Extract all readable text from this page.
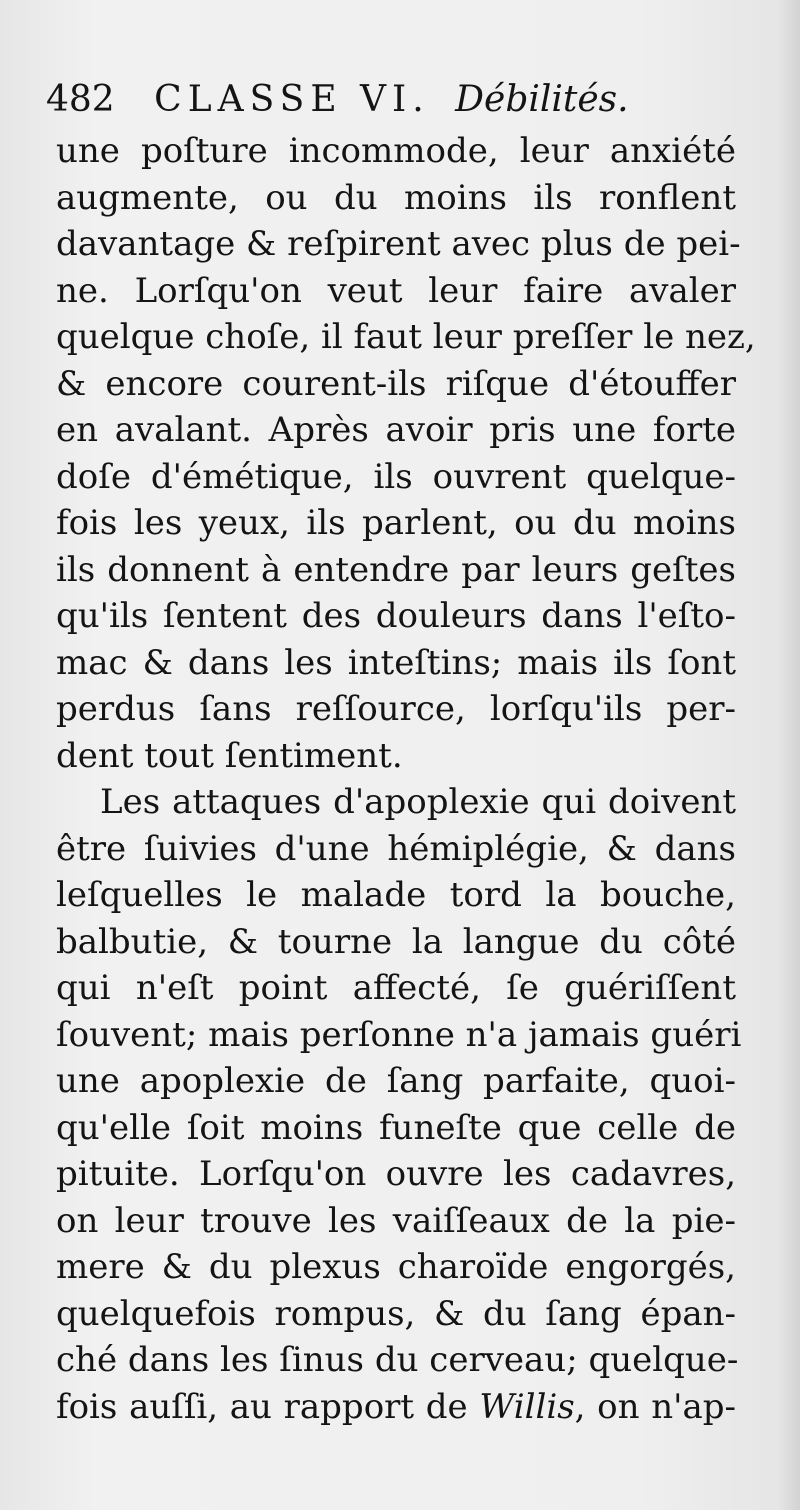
482 CLASSE VI. Débilités.
une poſture incommode, leur anxiété
augmente, ou du moins ils ronflent
davantage & reſpirent avec plus de pei-
ne. Lorſqu'on veut leur faire avaler
quelque choſe, il faut leur preſſer le nez,
& encore courent-ils riſque d'étouffer
en avalant. Après avoir pris une forte
doſe d'émétique, ils ouvrent quelque-
fois les yeux, ils parlent, ou du moins
ils donnent à entendre par leurs geſtes
qu'ils ſentent des douleurs dans l'eſto-
mac & dans les inteſtins; mais ils ſont
perdus ſans reſſource, lorſqu'ils per-
dent tout ſentiment.
Les attaques d'apoplexie qui doivent
être ſuivies d'une hémiplégie, & dans
leſquelles le malade tord la bouche,
balbutie, & tourne la langue du côté
qui n'eſt point affecté, ſe guériſſent
ſouvent; mais perſonne n'a jamais guéri
une apoplexie de ſang parfaite, quoi-
qu'elle ſoit moins funeſte que celle de
pituite. Lorſqu'on ouvre les cadavres,
on leur trouve les vaiſſeaux de la pie-
mere & du plexus charoïde engorgés,
quelquefois rompus, & du ſang épan-
ché dans les ſinus du cerveau; quelque-
fois auſſi, au rapport de Willis, on n'ap-
